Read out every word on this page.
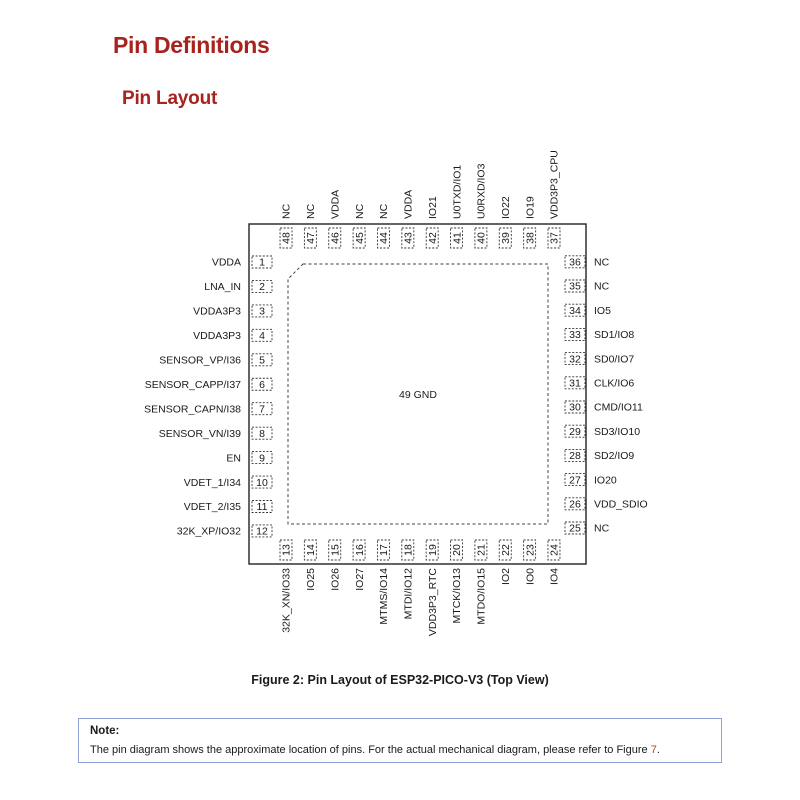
Pin Definitions
Pin Layout
49 GND
1
VDDA
2
LNA_IN
3
VDDA3P3
4
VDDA3P3
5
SENSOR_VP/I36
6
SENSOR_CAPP/I37
7
SENSOR_CAPN/I38
8
SENSOR_VN/I39
9
EN
10
VDET_1/I34
11
VDET_2/I35
12
32K_XP/IO32	25 NC
26 VDD_SDIO
27 IO20
28 SD2/IO9
29 SD3/IO10
30 CMD/IO11
31 CLK/IO6
32 SD0/IO7
33 SD1/IO8
34 IO5
35 NC
36 NC
13
32K_XN/IO33
14
IO25
15
IO26
16
IO27
17
MTMS/IO14
18
MTDI/IO12
19
VDD3P3_RTC
20
MTCK/IO13
21
MTDO/IO15
22
IO2
23
IO0
24
IO4
37
VDD3P3_CPU
38
IO19
39
IO22
40
U0RXD/IO3
41
U0TXD/IO1
42
IO21
43
VDDA
44
NC
45
NC
46
VDDA
47
NC
48
NC
Figure 2: Pin Layout of ESP32-PICO-V3 (Top View)
Note:
The pin diagram shows the approximate location of pins. For the actual mechanical diagram, please refer to Figure 7.
